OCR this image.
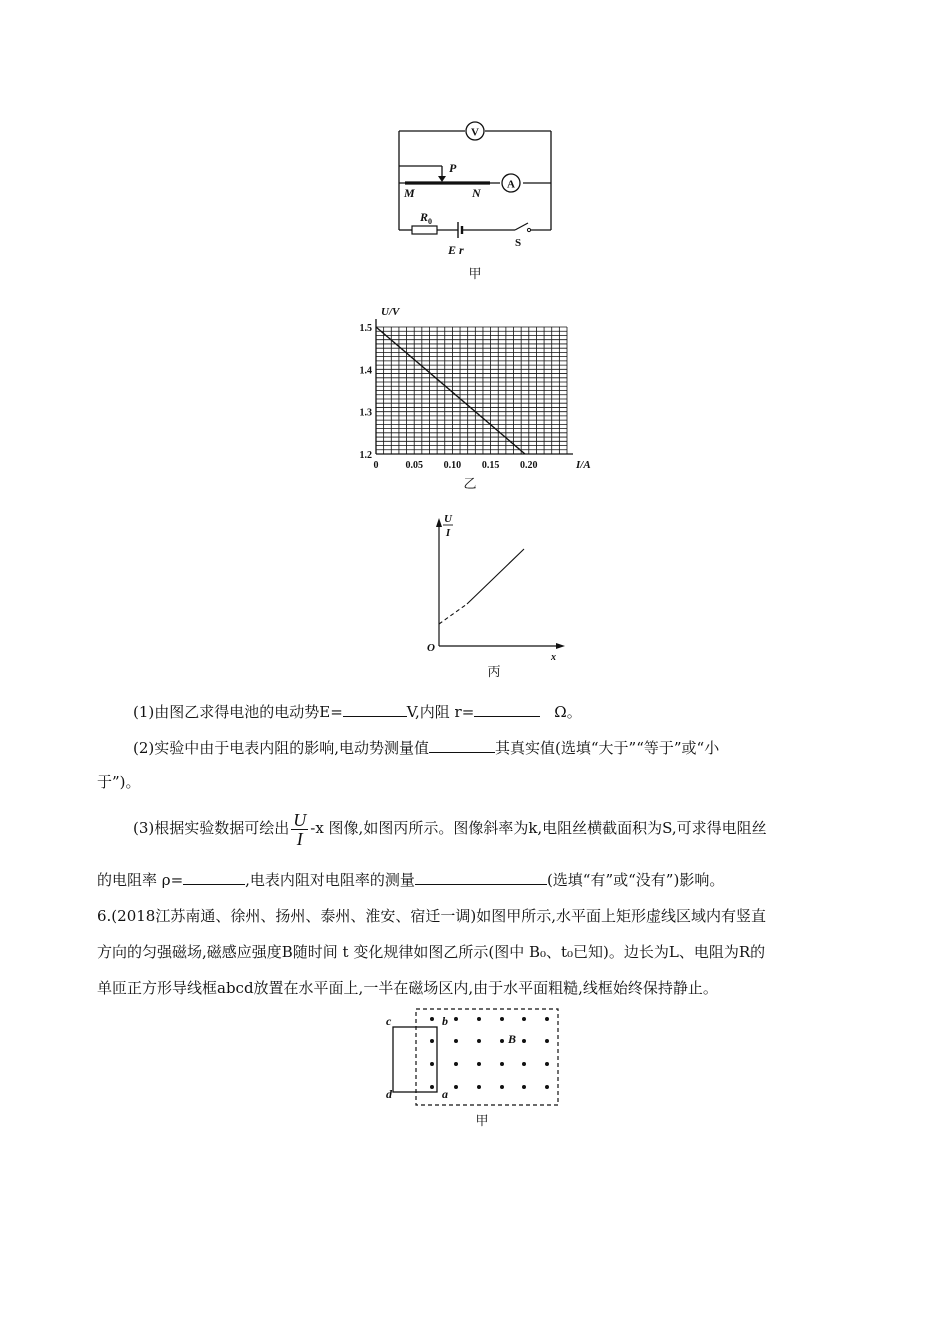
V
A
P
M	N
R 0
E r	S
甲
0	0.05 0.10 0.15 0.20
1.2
1.3
1.4
1.5
U/V
I/A
乙
U
I
O
x
丙
(1)由图乙求得电池的电动势E=	V,内阻 r=	Ω。
(2)实验中由于电表内阻的影响,电动势测量值	其真实值(选填“大于”“等于”或“小
于”)。
(3)根据实验数据可绘出 $\frac{U}{I} -x$ 图像,如图丙所示。图像斜率为k,电阻丝横截面积为S,可求得电阻丝
的电阻率 ρ=	,电表内阻对电阻率的测量	(选填“有”或“没有”)影响。
6.(2018江苏南通、徐州、扬州、泰州、淮安、宿迁一调)如图甲所示,水平面上矩形虚线区域内有竖直
方向的匀强磁场,磁感应强度B随时间 t 变化规律如图乙所示(图中 B₀、t₀已知)。边长为L、电阻为R的
单匝正方形导线框abcd放置在水平面上,一半在磁场区内,由于水平面粗糙,线框始终保持静止。
c	b
d	a
B
甲
